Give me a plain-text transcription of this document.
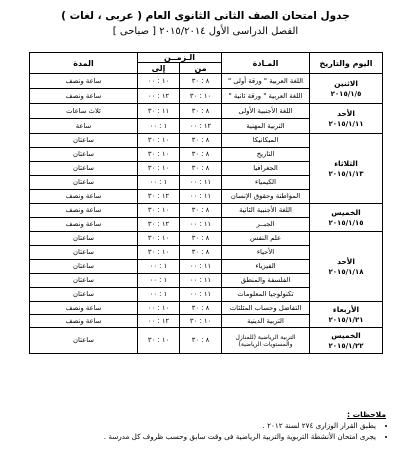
جدول امتحان الصف الثانى الثانوى العام ( عربى ، لغات )
الفصل الدراسى الأول ٢٠١٥/٢٠١٤ [ صباحى ]
اليوم والتاريخ	المـادة	الـزمــن		المدة
		من	إلى	

الاثنين
٢٠١٥/١/٥	اللغة العربية " ورقة أولى "	٨ : ٣٠	١٠ : ٠٠	ساعة ونصف
	اللغة العربية " ورقة ثانية "	١٠ : ٣٠	١٢ : ٠٠	ساعة ونصف

الأحد
٢٠١٥/١/١١	اللغة الأجنبية الأولى	٨ : ٣٠	١١ : ٣٠	ثلاث ساعات
	التربية المهنية	١٢ : ٠٠	١ : ٠٠	ساعة

الثلاثاء
٢٠١٥/١/١٣	الميكانيكا	٨ : ٣٠	١٠ : ٣٠	ساعتان
	التاريخ	٨ : ٣٠	١٠ : ٣٠	ساعتان
	الجغرافيا	٨ : ٣٠	١٠ : ٣٠	ساعتان
	الكيمياء	١١ : ٠٠	١ : ٠٠	ساعتان
	المواطنة وحقوق الإنسان	١١ : ٠٠	١٢ : ٣٠	ساعة ونصف

الخميس
٢٠١٥/١/١٥	اللغة الأجنبية الثانية	٨ : ٣٠	١٠ : ٣٠	ساعة ونصف
	الجبــر	١١ : ٠٠	١٢ : ٣٠	ساعة ونصف

الأحد
٢٠١٥/١/١٨	علم النفس	٨ : ٣٠	١٠ : ٣٠	ساعتان
	الأحياء	٨ : ٣٠	١٠ : ٣٠	ساعتان
	الفيزياء	١١ : ٠٠	١ : ٠٠	ساعتان
	الفلسفة والمنطق	١١ : ٠٠	١ : ٠٠	ساعتان
	تكنولوجيا المعلومات	١١ : ٠٠	١ : ٠٠	ساعتان

الأربعاء
٢٠١٥/١/٢١	التفاضل وحساب المثلثات	٨ : ٣٠	١٠ : ٠٠	ساعة ونصف
	التربية الدينية	١٠ : ٣٠	١٢ : ٠٠	ساعة ونصف

الخميس
٢٠١٥/١/٢٢	التربية الرياضية (للمنازل والمستويات الرياضية)	٨ : ٣٠	١٠ : ٣٠	ساعتان
ملاحظات :
• يطبق القرار الوزارى ٢٧٤ لسنة ٢٠١٢ .
• يجرى امتحان الأنشطة التربوية والتربية الرياضية فى وقت سابق وحسب ظروف كل مدرسة .
